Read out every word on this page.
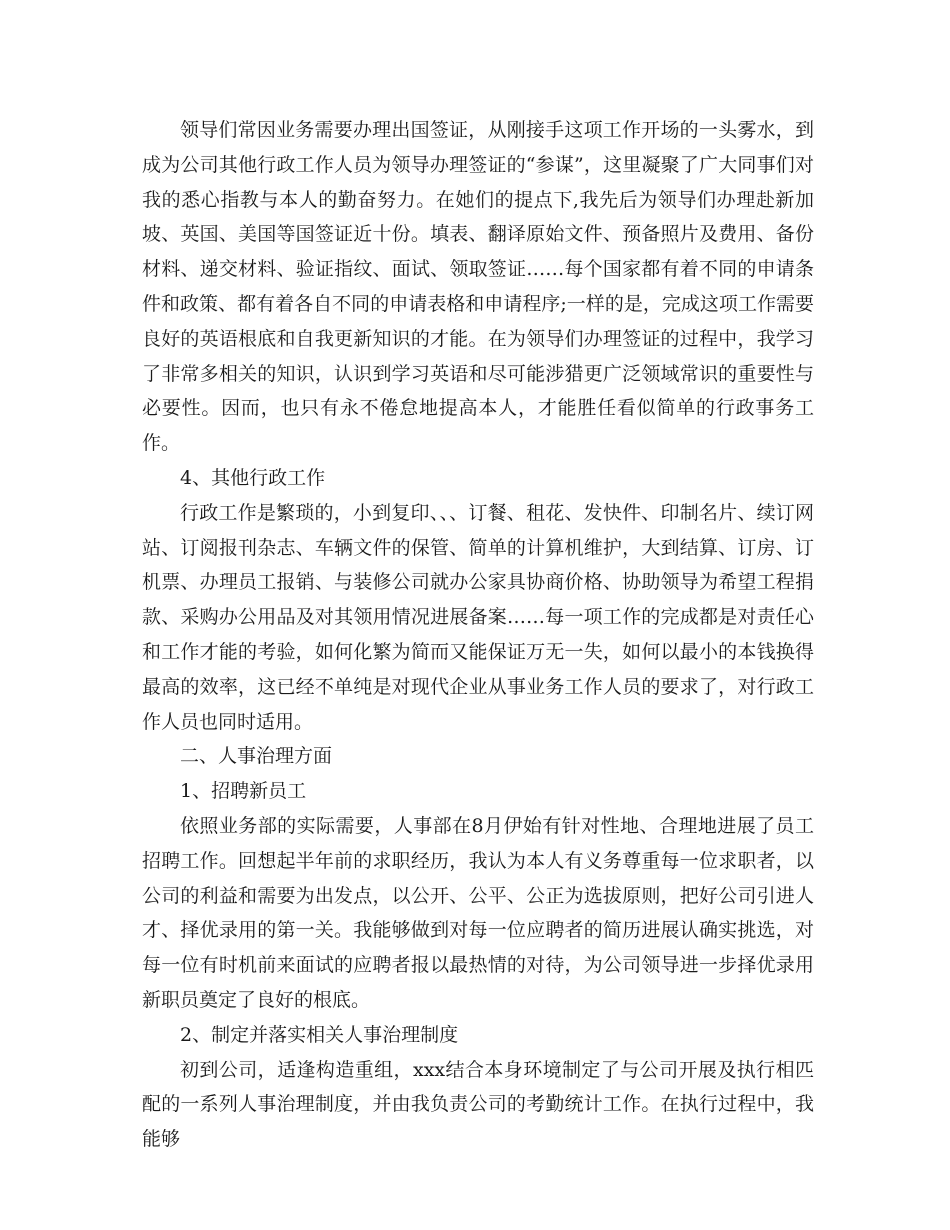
领导们常因业务需要办理出国签证，从刚接手这项工作开场的一头雾水，到成为公司其他行政工作人员为领导办理签证的“参谋”，这里凝聚了广大同事们对我的悉心指教与本人的勤奋努力。在她们的提点下,我先后为领导们办理赴新加坡、英国、美国等国签证近十份。填表、翻译原始文件、预备照片及费用、备份材料、递交材料、验证指纹、面试、领取签证……每个国家都有着不同的申请条件和政策、都有着各自不同的申请表格和申请程序;一样的是，完成这项工作需要良好的英语根底和自我更新知识的才能。在为领导们办理签证的过程中，我学习了非常多相关的知识，认识到学习英语和尽可能涉猎更广泛领域常识的重要性与必要性。因而，也只有永不倦怠地提高本人，才能胜任看似简单的行政事务工作。

4、其他行政工作

行政工作是繁琐的，小到复印、、、订餐、租花、发快件、印制名片、续订网站、订阅报刊杂志、车辆文件的保管、简单的计算机维护，大到结算、订房、订机票、办理员工报销、与装修公司就办公家具协商价格、协助领导为希望工程捐款、采购办公用品及对其领用情况进展备案……每一项工作的完成都是对责任心和工作才能的考验，如何化繁为简而又能保证万无一失，如何以最小的本钱换得最高的效率，这已经不单纯是对现代企业从事业务工作人员的要求了，对行政工作人员也同时适用。

二、人事治理方面

1、招聘新员工

依照业务部的实际需要，人事部在8月伊始有针对性地、合理地进展了员工招聘工作。回想起半年前的求职经历，我认为本人有义务尊重每一位求职者，以公司的利益和需要为出发点，以公开、公平、公正为选拔原则，把好公司引进人才、择优录用的第一关。我能够做到对每一位应聘者的简历进展认确实挑选，对每一位有时机前来面试的应聘者报以最热情的对待，为公司领导进一步择优录用新职员奠定了良好的根底。

2、制定并落实相关人事治理制度

初到公司，适逢构造重组，xxx结合本身环境制定了与公司开展及执行相匹配的一系列人事治理制度，并由我负责公司的考勤统计工作。在执行过程中，我能够
